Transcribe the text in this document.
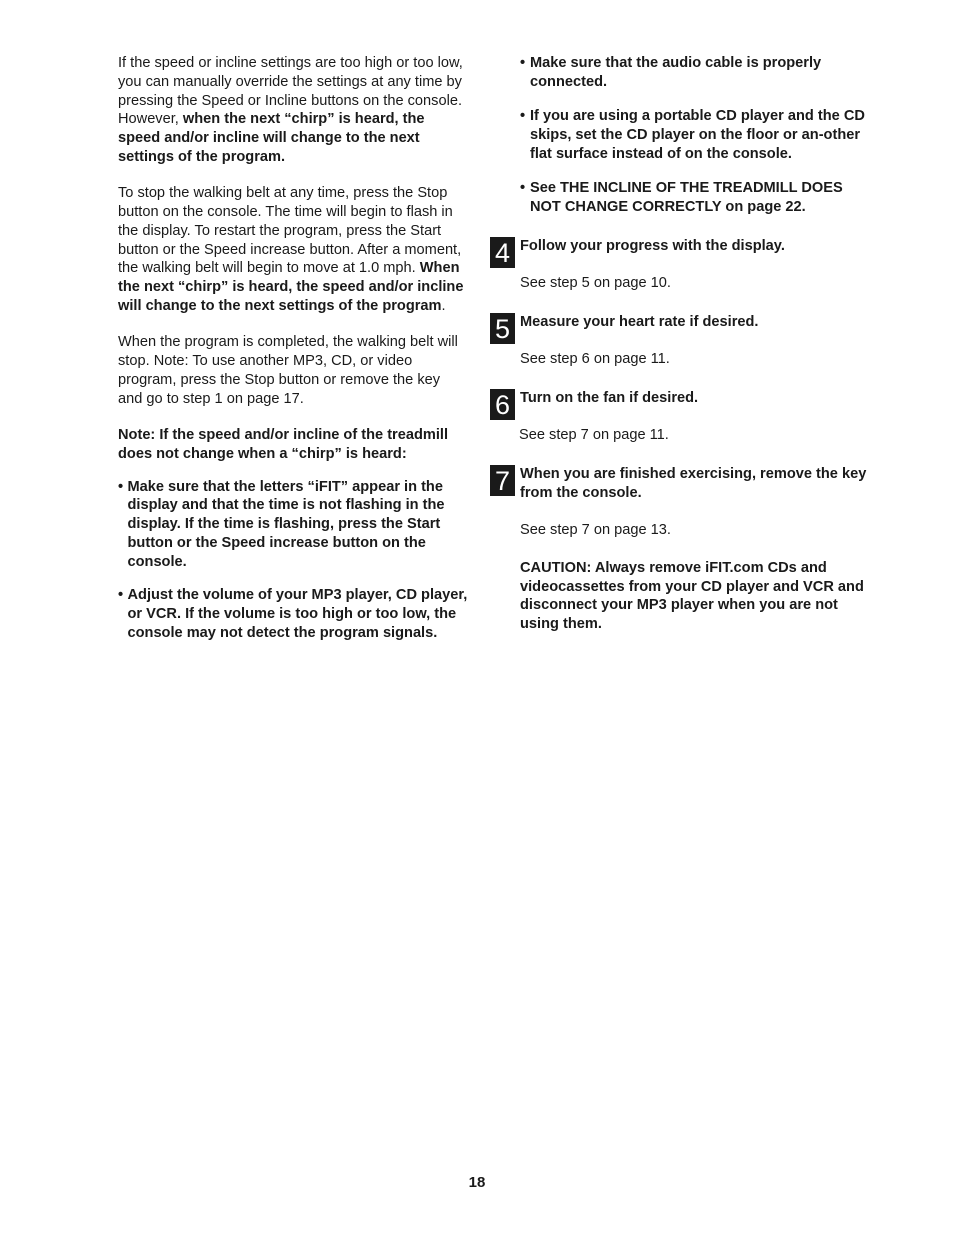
If the speed or incline settings are too high or too low, you can manually override the settings at any time by pressing the Speed or Incline buttons on the console. However, when the next “chirp” is heard, the speed and/or incline will change to the next settings of the program.

To stop the walking belt at any time, press the Stop button on the console. The time will begin to flash in the display. To restart the program, press the Start button or the Speed increase button. After a moment, the walking belt will begin to move at 1.0 mph. When the next “chirp” is heard, the speed and/or incline will change to the next settings of the program.

When the program is completed, the walking belt will stop. Note: To use another MP3, CD, or video program, press the Stop button or remove the key and go to step 1 on page 17.

Note: If the speed and/or incline of the treadmill does not change when a “chirp” is heard:

• Make sure that the letters “iFIT” appear in the display and that the time is not flashing in the display. If the time is flashing, press the Start button or the Speed increase button on the console.

• Adjust the volume of your MP3 player, CD player, or VCR. If the volume is too high or too low, the console may not detect the program signals.

• Make sure that the audio cable is properly connected.

• If you are using a portable CD player and the CD skips, set the CD player on the floor or an-other flat surface instead of on the console.

• See THE INCLINE OF THE TREADMILL DOES NOT CHANGE CORRECTLY on page 22.

4 Follow your progress with the display.

See step 5 on page 10.

5 Measure your heart rate if desired.

See step 6 on page 11.

6 Turn on the fan if desired.

See step 7 on page 11.

7 When you are finished exercising, remove the key from the console.

See step 7 on page 13.

CAUTION: Always remove iFIT.com CDs and videocassettes from your CD player and VCR and disconnect your MP3 player when you are not using them.

18
